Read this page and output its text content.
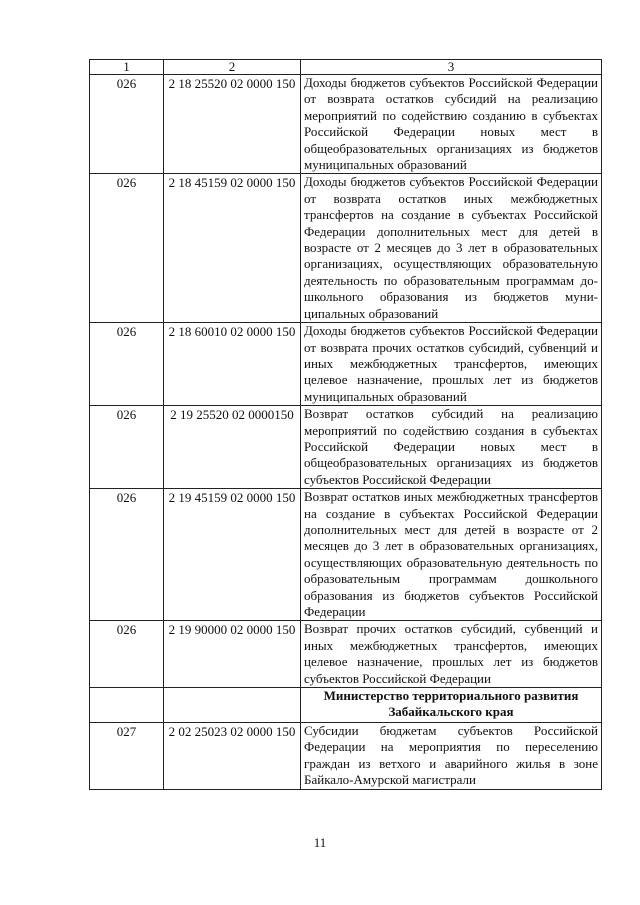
1	2	3
026	2 18 25520 02 0000 150	Доходы бюджетов субъектов Российской Федерации от возврата остатков субсидий на реализацию мероприятий по содействию созданию в субъектах Российской Федерации новых мест в общеобразовательных организациях из бюджетов муниципальных образований
026	2 18 45159 02 0000 150	Доходы бюджетов субъектов Российской Федерации от возврата остатков иных межбюджетных трансфертов на создание в субъектах Российской Федерации дополнительных мест для детей в возрасте от 2 месяцев до 3 лет в образовательных организациях, осуществляющих образовательную деятельность по образовательным программам дошкольного образования из бюджетов муниципальных образований
026	2 18 60010 02 0000 150	Доходы бюджетов субъектов Российской Федерации от возврата прочих остатков субсидий, субвенций и иных межбюджетных трансфертов, имеющих целевое назначение, прошлых лет из бюджетов муниципальных образований
026	2 19 25520 02 0000150	Возврат остатков субсидий на реализацию мероприятий по содействию создания в субъектах Российской Федерации новых мест в общеобразовательных организациях из бюджетов субъектов Российской Федерации
026	2 19 45159 02 0000 150	Возврат остатков иных межбюджетных трансфертов на создание в субъектах Российской Федерации дополнительных мест для детей в возрасте от 2 месяцев до 3 лет в образовательных организациях, осуществляющих образовательную деятельность по образовательным программам дошкольного образования из бюджетов субъектов Российской Федерации
026	2 19 90000 02 0000 150	Возврат прочих остатков субсидий, субвенций и иных межбюджетных трансфертов, имеющих целевое назначение, прошлых лет из бюджетов субъектов Российской Федерации
		Министерство территориального развития Забайкальского края
027	2 02 25023 02 0000 150	Субсидии бюджетам субъектов Российской Федерации на мероприятия по переселению граждан из ветхого и аварийного жилья в зоне Байкало-Амурской магистрали
11
